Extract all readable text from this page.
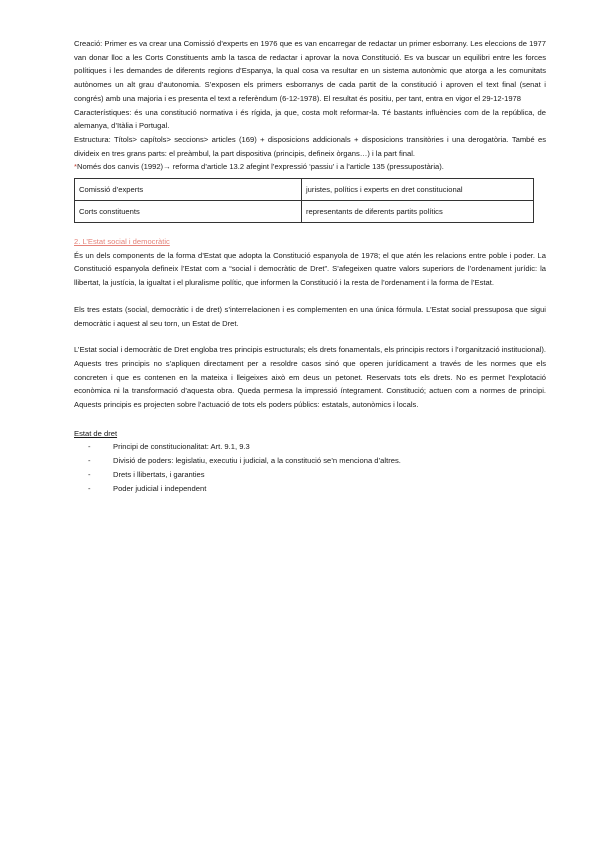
Creació: Primer es va crear una Comissió d’experts en 1976 que es van encarregar de redactar un primer esborrany. Les eleccions de 1977 van donar lloc a les Corts Constituents amb la tasca de redactar i aprovar la nova Constitució. Es va buscar un equilibri entre les forces polítiques i les demandes de diferents regions d’Espanya, la qual cosa va resultar en un sistema autonòmic que atorga a les comunitats autònomes un alt grau d’autonomia. S’exposen els primers esborranys de cada partit de la constitució i aproven el text final (senat i congrés) amb una majoria i es presenta el text a referèndum (6-12-1978). El resultat és positiu, per tant, entra en vigor el 29-12-1978

Característiques: és una constitució normativa i és rígida, ja que, costa molt reformar-la. Té bastants influències com de la república, de alemanya, d’Itàlia i Portugal.

Estructura: Títols> capítols> seccions> articles (169) + disposicions addicionals + disposicions transitòries i una derogatòria. També es divideix en tres grans parts: el preàmbul, la part dispositiva (principis, defineix òrgans…) i la part final.

*Només dos canvis (1992)→ reforma d’article 13.2 afegint l’expressió ‘passiu’ i a l’article 135 (pressupostària).

Comissió d’experts	juristes, polítics i experts en dret constitucional
Corts constituents	representants de diferents partits polítics

2. L’Estat social i democràtic

És un dels components de la forma d’Estat que adopta la Constitució espanyola de 1978; el que atén les relacions entre poble i poder. La Constitució espanyola defineix l’Estat com a “social i democràtic de Dret”. S’afegeixen quatre valors superiors de l’ordenament jurídic: la llibertat, la justícia, la igualtat i el pluralisme polític, que informen la Constitució i la resta de l’ordenament i la forma de l’Estat.

Els tres estats (social, democràtic i de dret) s’interrelacionen i es complementen en una única fórmula. L’Estat social pressuposa que sigui democràtic i aquest al seu torn, un Estat de Dret.

L’Estat social i democràtic de Dret engloba tres principis estructurals; els drets fonamentals, els principis rectors i l’organització institucional). Aquests tres principis no s’apliquen directament per a resoldre casos sinó que operen jurídicament a través de les normes que els concreten i que es contenen en la mateixa i lleigeixes això em deus un petonet. Reservats tots els drets. No es permet l’explotació econòmica ni la transformació d’aquesta obra. Queda permesa la impressió íntegrament. Constitució; actuen com a normes de principi. Aquests principis es projecten sobre l’actuació de tots els poders públics: estatals, autonòmics i locals.

Estat de dret

-	Principi de constitucionalitat: Art. 9.1, 9.3
-	Divisió de poders: legislatiu, executiu i judicial, a la constitució se’n menciona d’altres.
-	Drets i llibertats, i garanties
-	Poder judicial i independent
